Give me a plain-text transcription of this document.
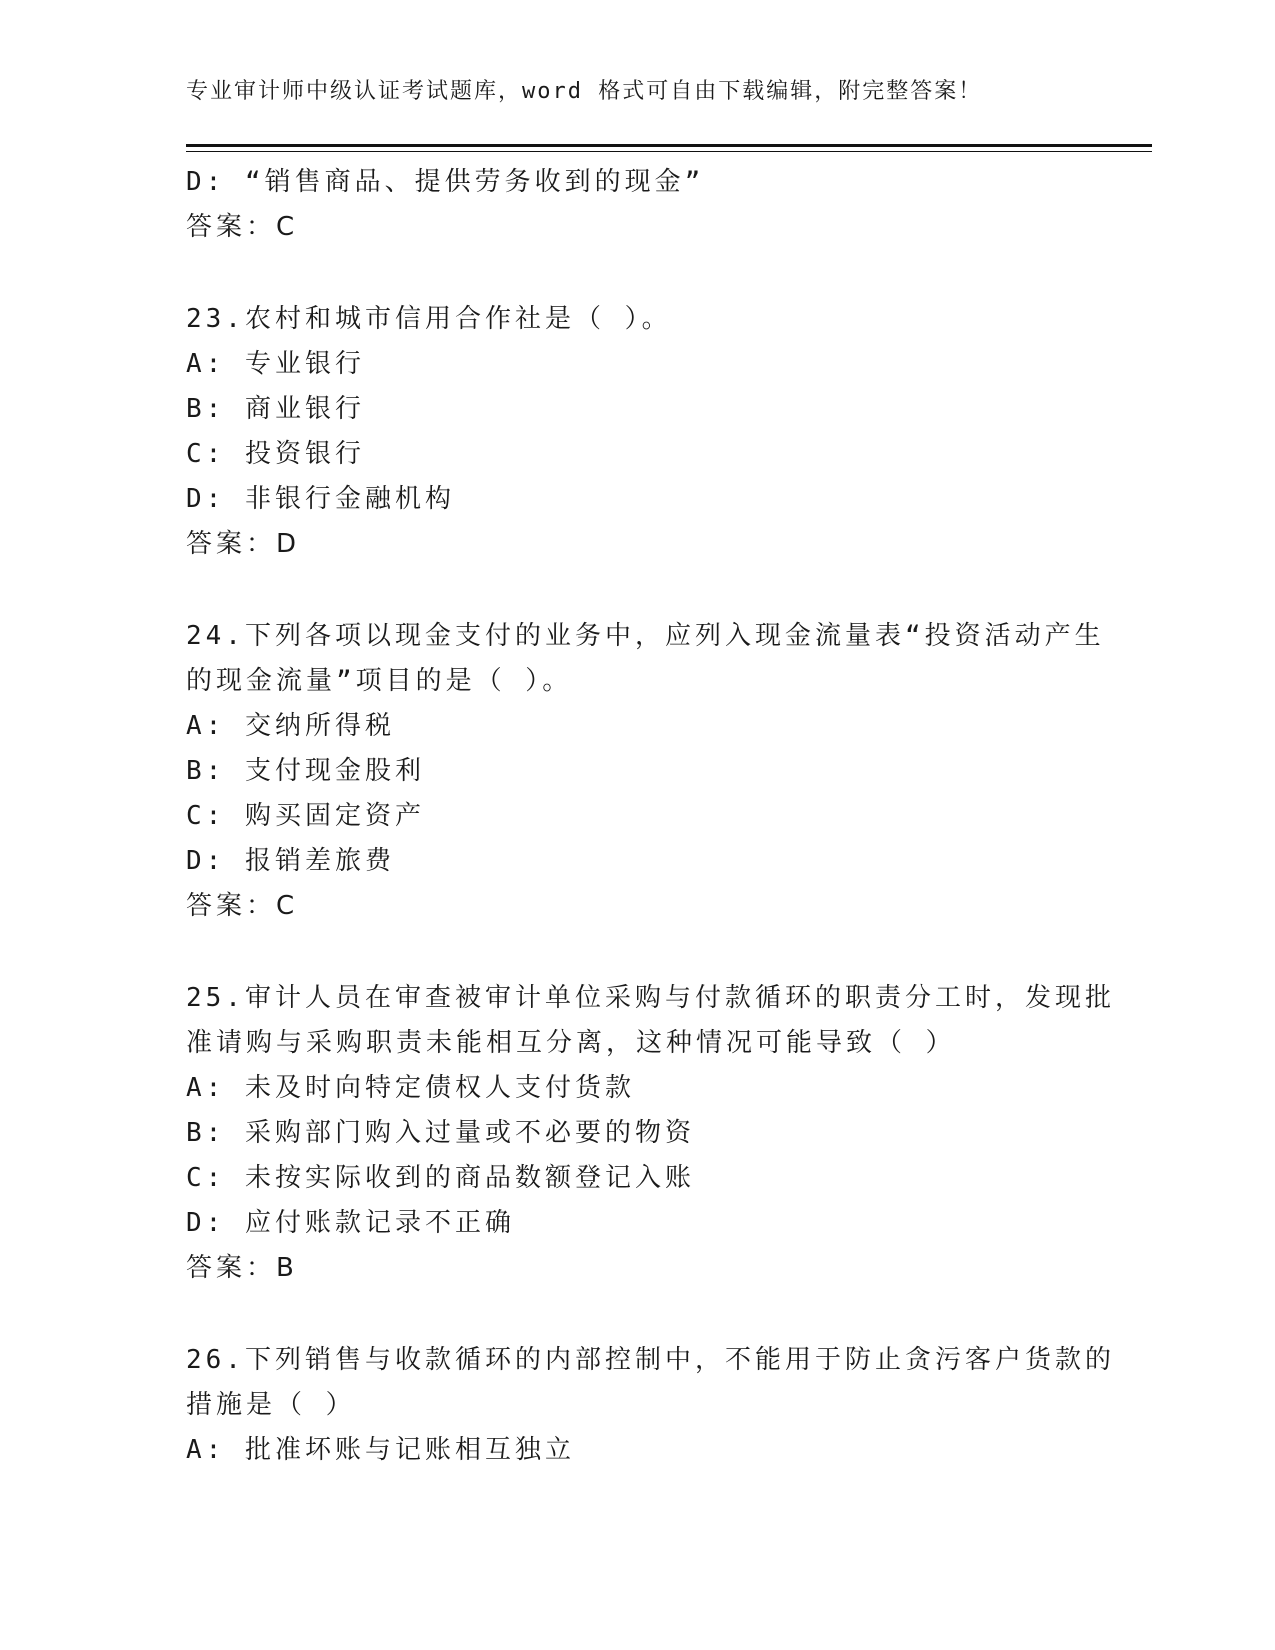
专业审计师中级认证考试题库，word 格式可自由下载编辑，附完整答案！
D: “销售商品、提供劳务收到的现金”
答案：C
23.农村和城市信用合作社是（ ）。
A: 专业银行
B: 商业银行
C: 投资银行
D: 非银行金融机构
答案：D
24.下列各项以现金支付的业务中，应列入现金流量表“投资活动产生
的现金流量”项目的是（ ）。
A: 交纳所得税
B: 支付现金股利
C: 购买固定资产
D: 报销差旅费
答案：C
25.审计人员在审查被审计单位采购与付款循环的职责分工时，发现批
准请购与采购职责未能相互分离，这种情况可能导致（ ）
A: 未及时向特定债权人支付货款
B: 采购部门购入过量或不必要的物资
C: 未按实际收到的商品数额登记入账
D: 应付账款记录不正确
答案：B
26.下列销售与收款循环的内部控制中，不能用于防止贪污客户货款的
措施是（ ）
A: 批准坏账与记账相互独立
